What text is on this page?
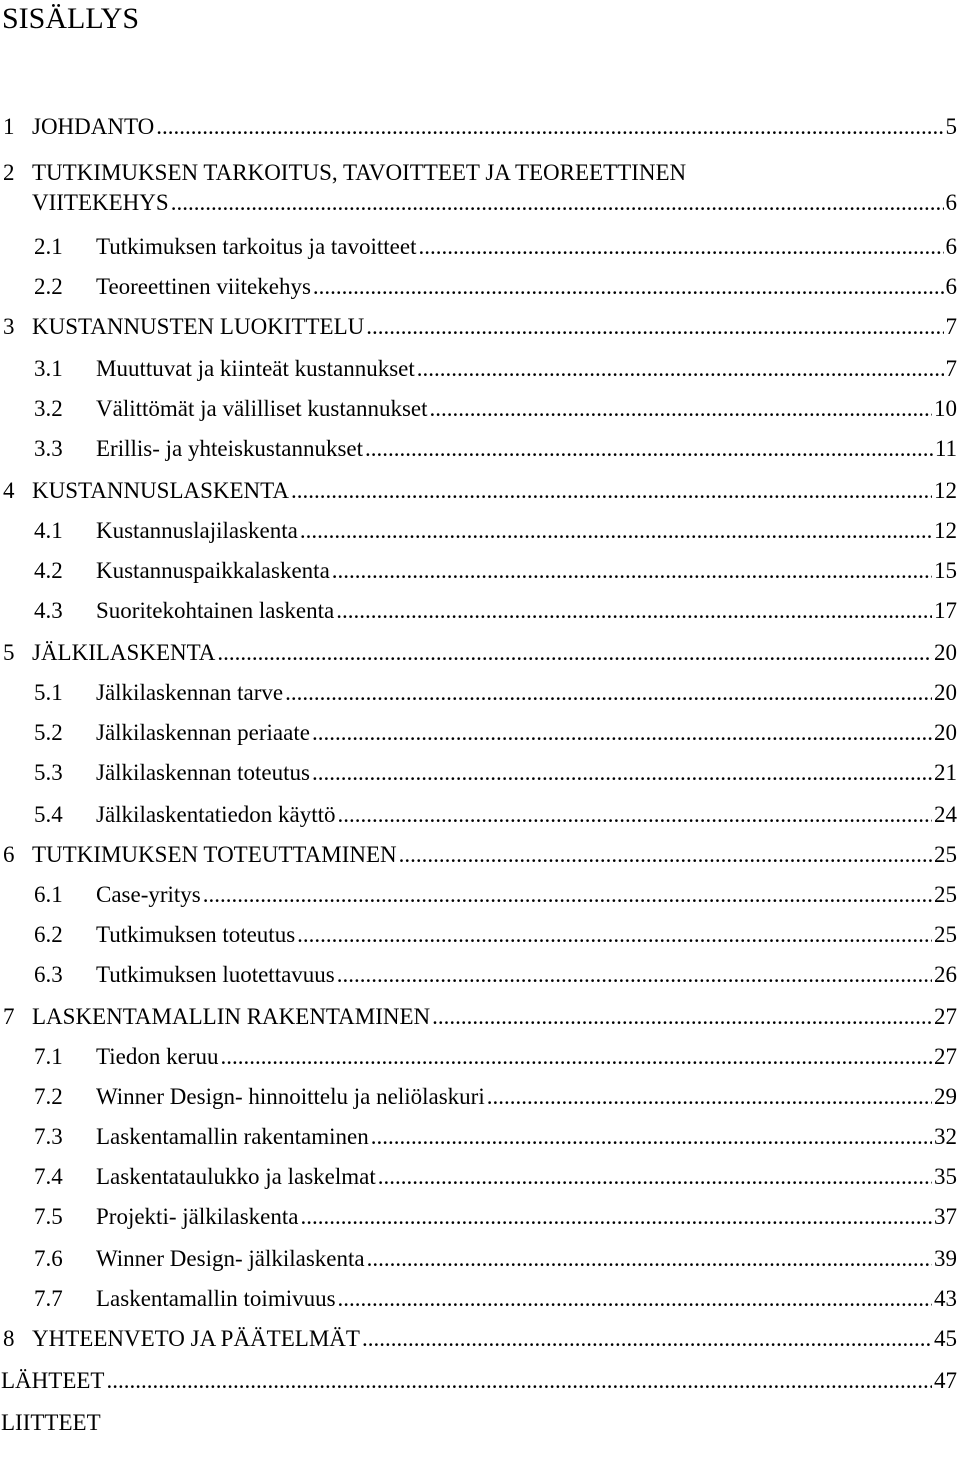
SISÄLLYS
1 JOHDANTO .....	5
2 TUTKIMUKSEN TARKOITUS, TAVOITTEET JA TEOREETTINEN
VIITEKEHYS .....	6
2.1	Tutkimuksen tarkoitus ja tavoitteet .....	6
2.2	Teoreettinen viitekehys .....	6
3 KUSTANNUSTEN LUOKITTELU .....	7
3.1	Muuttuvat ja kiinteät kustannukset .....	7
3.2	Välittömät ja välilliset kustannukset .....	10
3.3	Erillis- ja yhteiskustannukset .....	11
4 KUSTANNUSLASKENTA .....	12
4.1	Kustannuslajilaskenta .....	12
4.2	Kustannuspaikkalaskenta .....	15
4.3	Suoritekohtainen laskenta .....	17
5 JÄLKILASKENTA .....	20
5.1	Jälkilaskennan tarve .....	20
5.2	Jälkilaskennan periaate .....	20
5.3	Jälkilaskennan toteutus .....	21
5.4	Jälkilaskentatiedon käyttö .....	24
6 TUTKIMUKSEN TOTEUTTAMINEN .....	25
6.1	Case-yritys .....	25
6.2	Tutkimuksen toteutus .....	25
6.3	Tutkimuksen luotettavuus .....	26
7 LASKENTAMALLIN RAKENTAMINEN .....	27
7.1	Tiedon keruu .....	27
7.2	Winner Design- hinnoittelu ja neliölaskuri .....	29
7.3	Laskentamallin rakentaminen .....	32
7.4	Laskentataulukko ja laskelmat .....	35
7.5	Projekti- jälkilaskenta .....	37
7.6	Winner Design- jälkilaskenta .....	39
7.7	Laskentamallin toimivuus .....	43
8 YHTEENVETO JA PÄÄTELMÄT .....	45
LÄHTEET .....	47
LIITTEET
